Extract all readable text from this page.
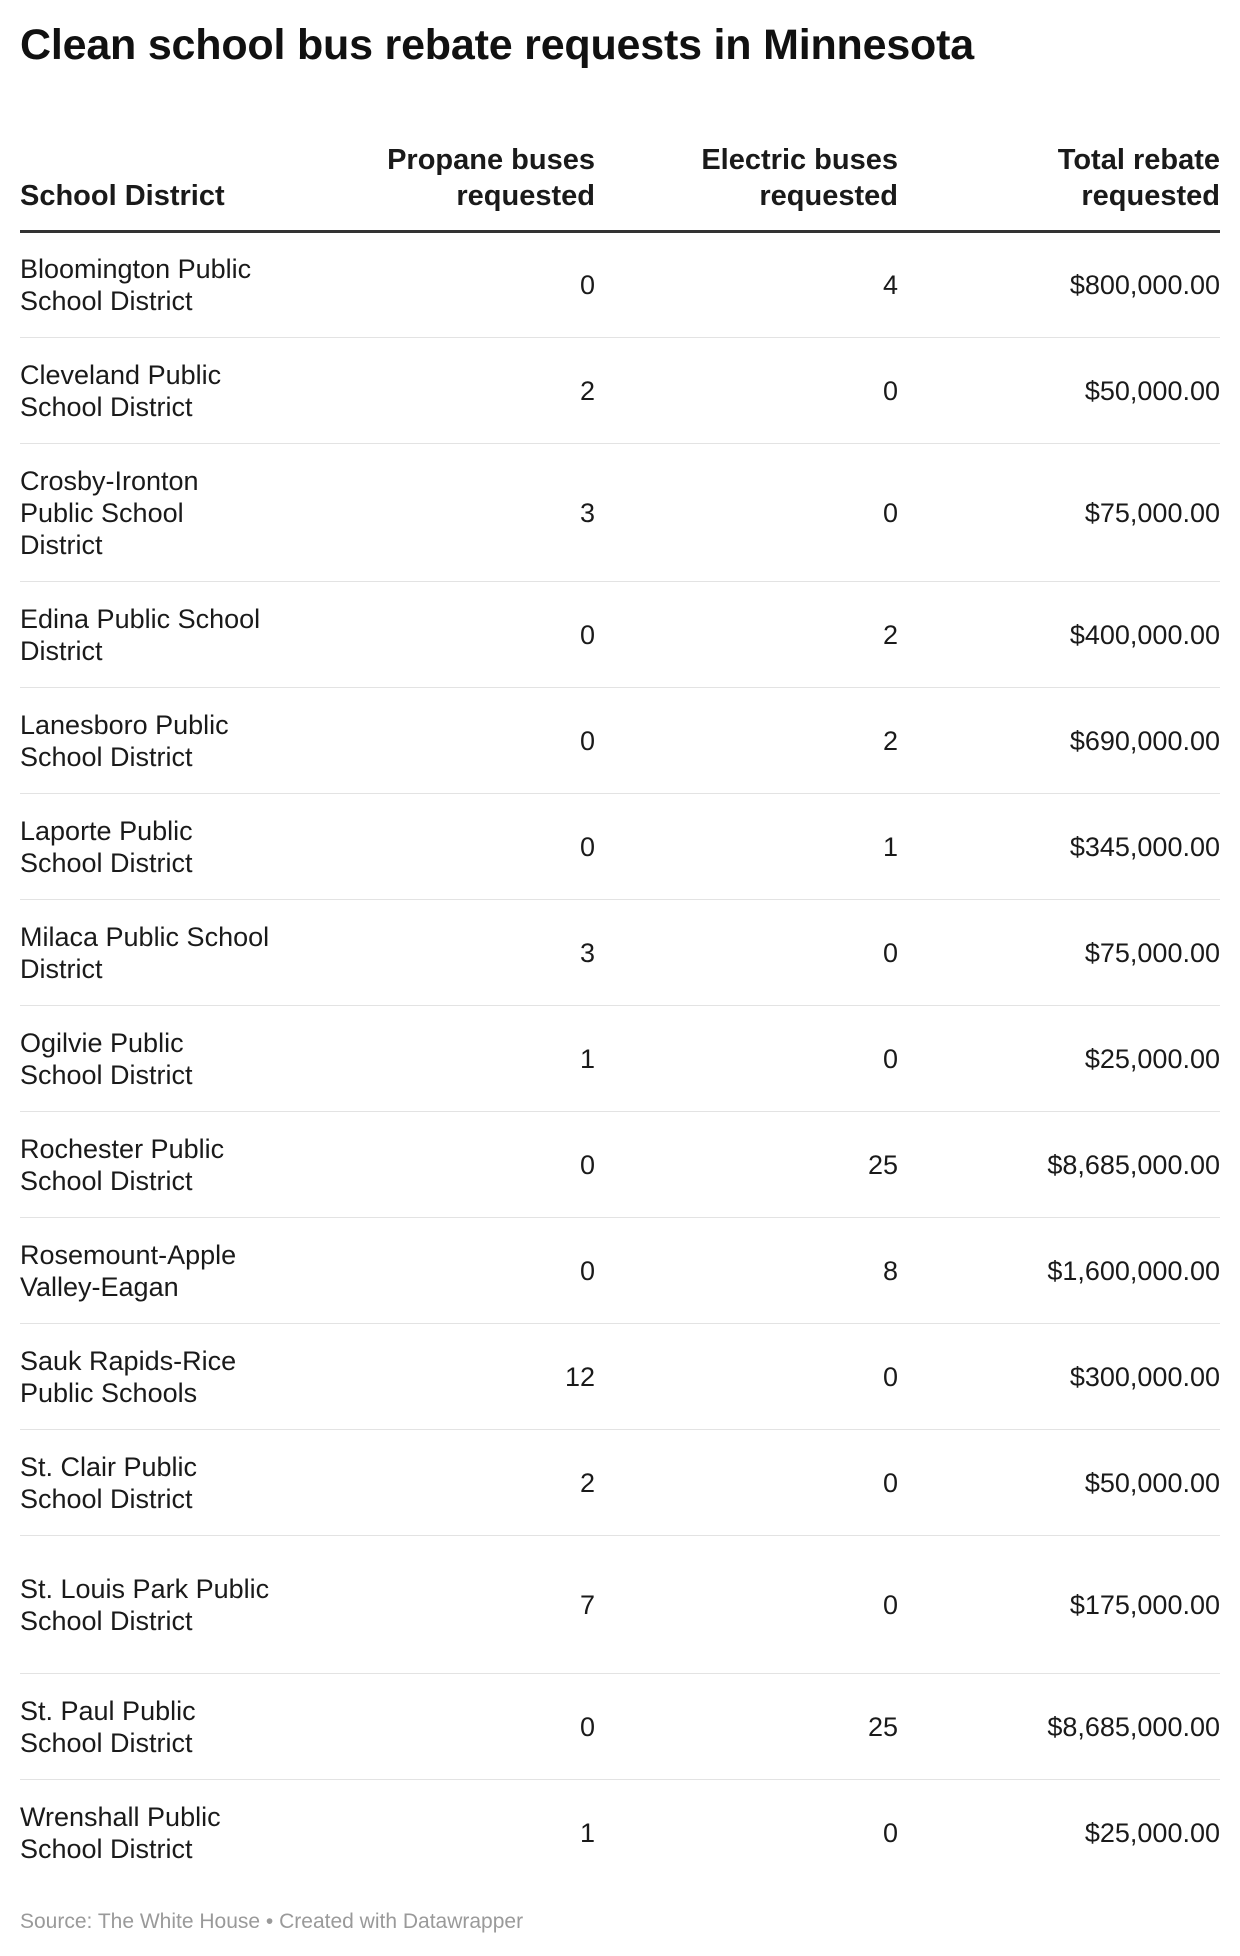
Clean school bus rebate requests in Minnesota
School District	Propane buses requested	Electric buses requested	Total rebate requested
Bloomington Public School District	0	4	$800,000.00
Cleveland Public School District	2	0	$50,000.00
Crosby-Ironton Public School District	3	0	$75,000.00
Edina Public School District	0	2	$400,000.00
Lanesboro Public School District	0	2	$690,000.00
Laporte Public School District	0	1	$345,000.00
Milaca Public School District	3	0	$75,000.00
Ogilvie Public School District	1	0	$25,000.00
Rochester Public School District	0	25	$8,685,000.00
Rosemount-Apple Valley-Eagan	0	8	$1,600,000.00
Sauk Rapids-Rice Public Schools	12	0	$300,000.00
St. Clair Public School District	2	0	$50,000.00
St. Louis Park Public School District	7	0	$175,000.00
St. Paul Public School District	0	25	$8,685,000.00
Wrenshall Public School District	1	0	$25,000.00
Source: The White House • Created with Datawrapper
